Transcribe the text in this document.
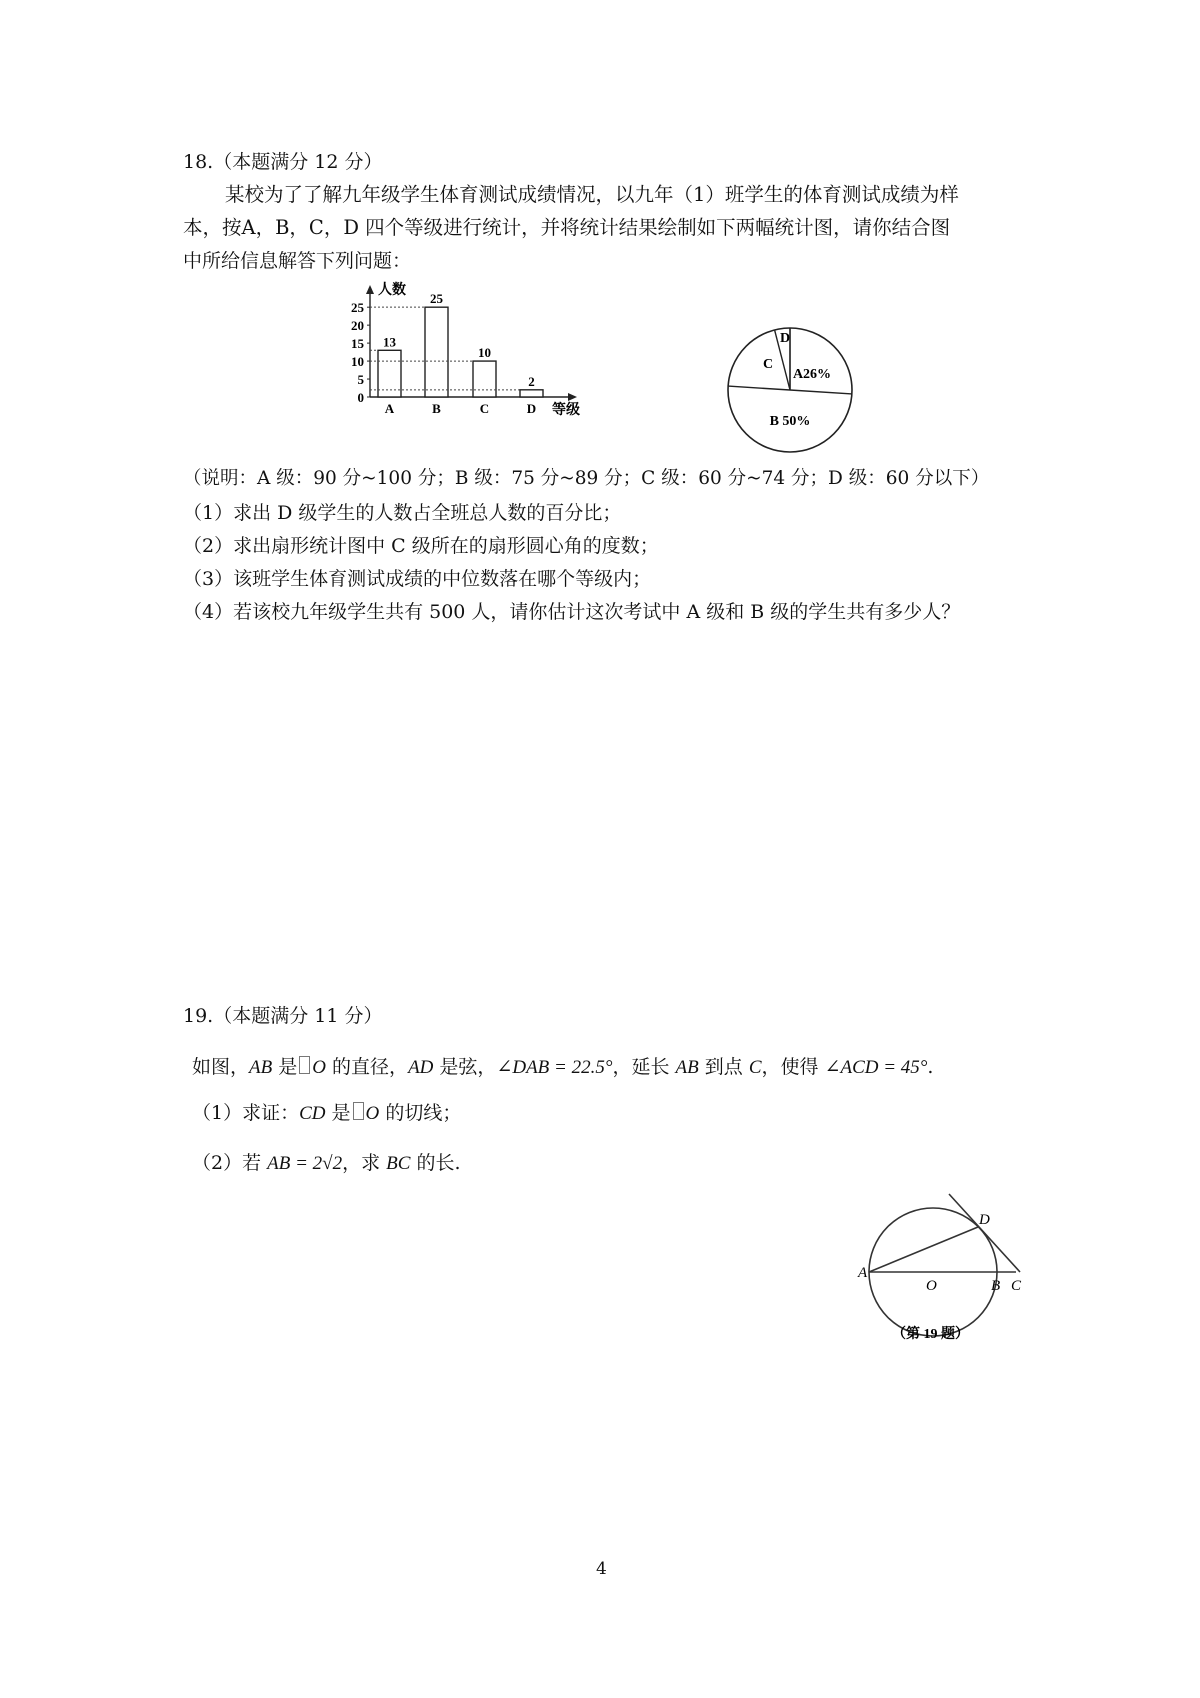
18.（本题满分 12 分）
某校为了了解九年级学生体育测试成绩情况，以九年（1）班学生的体育测试成绩为样
本，按A，B，C，D 四个等级进行统计，并将统计结果绘制如下两幅统计图，请你结合图
中所给信息解答下列问题：
人数
等级
0
5
10
15
20
25
13
A
25
B
10
C
2
D
A26%
B 50%
C
D
（说明：A 级：90 分~100 分；B 级：75 分~89 分；C 级：60 分~74 分；D 级：60 分以下）
（1）求出 D 级学生的人数占全班总人数的百分比；
（2）求出扇形统计图中 C 级所在的扇形圆心角的度数；
（3）该班学生体育测试成绩的中位数落在哪个等级内；
（4）若该校九年级学生共有 500 人，请你估计这次考试中 A 级和 B 级的学生共有多少人？
19.（本题满分 11 分）
如图，AB 是 O 的直径，AD 是弦，∠DAB = 22.5°，延长 AB 到点 C，使得 ∠ACD = 45°.
（1）求证：CD 是 O 的切线；
（2）若 AB = 2√2，求 BC 的长.
A
O	B C
D
（第 19 题）
4
